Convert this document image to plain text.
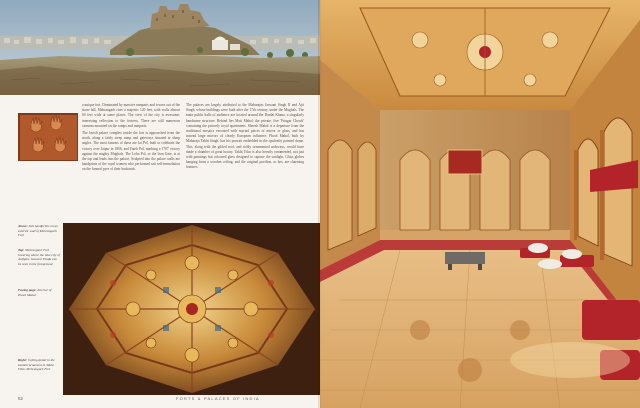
a unique fort. Dominated by massive ramparts and towers out of the stone hill, Mehrangarh rises a majestic 120 feet, with walls almost 60 feet wide at some places. The view of the city is awesome; interesting reflection to the fortress. There are still numerous cannons mounted on the ramps and ramparts.

The lavish palace complex inside the fort is approached from the north, along a fairly steep ramp and gateways situated at sharp angles. The most famous of these are Jai Pol, built to celebrate the victory over Jaipur in 1806, and Fateh Pol, marking a 1707 victory against the mighty Mughals. The Loha Pol, or the Iron Gate, is at the top and leads into the palace. Sculpted into the palace walls are handprints of the royal women who performed sati self-immolation on the funeral pyre of their husbands.

The palaces are largely attributed to the Maharajas Jaswant Singh II and Ajit Singh, whose buildings were built after the 17th century, under the Mughals. The main public halls of audience are located around the Daulat Khana, a singularly handsome structure. Behind lies Moti Mahal, the private, five 'Pringar Chowk' containing the princely royal apartments. Sheesh Mahal is a departure from the traditional mosaics executed with myriad pieces of mirror or glass, and has instead large mirrors of clearly European influence. Phool Mahal, built by Maharaja Takht Singh, has his portrait embedded in the opulently painted dome. This, along with the gilded roof, and richly ornamented archways, would have made a chamber of great luxury. Takht Vilas is also heavily ornamented, not just with paintings but coloured glass designed to capture the sunlight. Glass globes hanging from a wooden ceiling, and the original pavilion, or kes, are charming features.

Above: Sati handprints on an exterior wall of Mehrangarh Fort
Top: Mehrangarh Fort towering above the blue city of Jodhpur. Jaswant Thada can be seen in the foreground
Facing page: Interior of Phool Mahal
Right: Ceiling detail in the bastion ornament in Takht Vilas, Mehrangarh Fort
52	FORTS & PALACES OF INDIA
